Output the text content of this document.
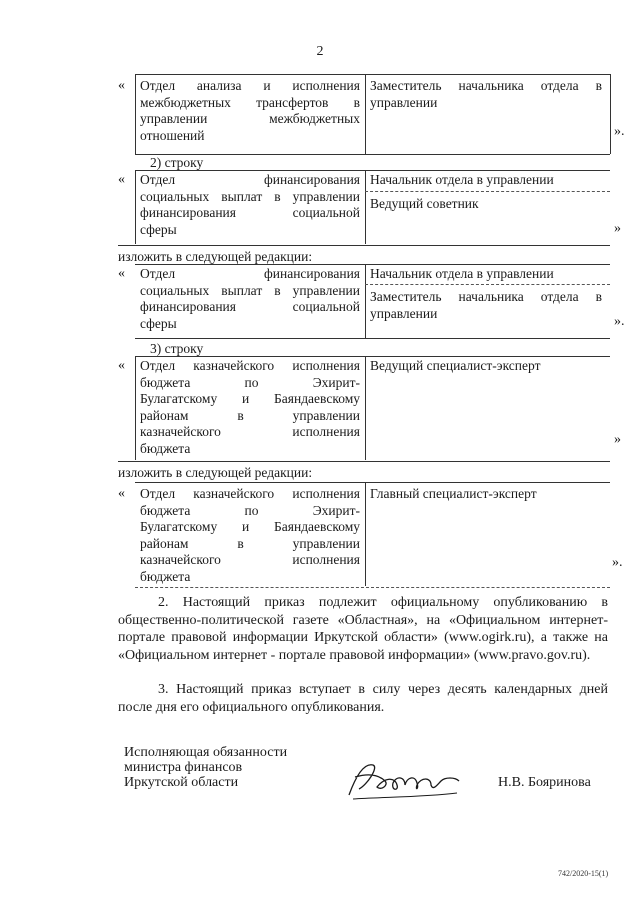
2
« Отдел анализа и исполнения
межбюджетных трансфертов в
управлении межбюджетных
отношений
Заместитель начальника отдела в
управлении
».
2) строку
« Отдел финансирования
социальных выплат в управлении
финансирования социальной
сферы
Начальник отдела в управлении
Ведущий советник
»
изложить в следующей редакции:
« Отдел финансирования
социальных выплат в управлении
финансирования социальной
сферы
Начальник отдела в управлении
Заместитель начальника отдела в
управлении
».
3) строку
« Отдел казначейского исполнения
бюджета по Эхирит-
Булагатскому и Баяндаевскому
районам в управлении
казначейского исполнения
бюджета
Ведущий специалист-эксперт
»
изложить в следующей редакции:
« Отдел казначейского исполнения
бюджета по Эхирит-
Булагатскому и Баяндаевскому
районам в управлении
казначейского исполнения
бюджета
Главный специалист-эксперт
».
2. Настоящий приказ подлежит официальному опубликованию в общественно-политической газете «Областная», на «Официальном интернет-портале правовой информации Иркутской области» (www.ogirk.ru), а также на «Официальном интернет - портале правовой информации» (www.pravo.gov.ru).
3. Настоящий приказ вступает в силу через десять календарных дней после дня его официального опубликования.
Исполняющая обязанности
министра финансов
Иркутской области	Н.В. Бояринова
742/2020-15(1)
